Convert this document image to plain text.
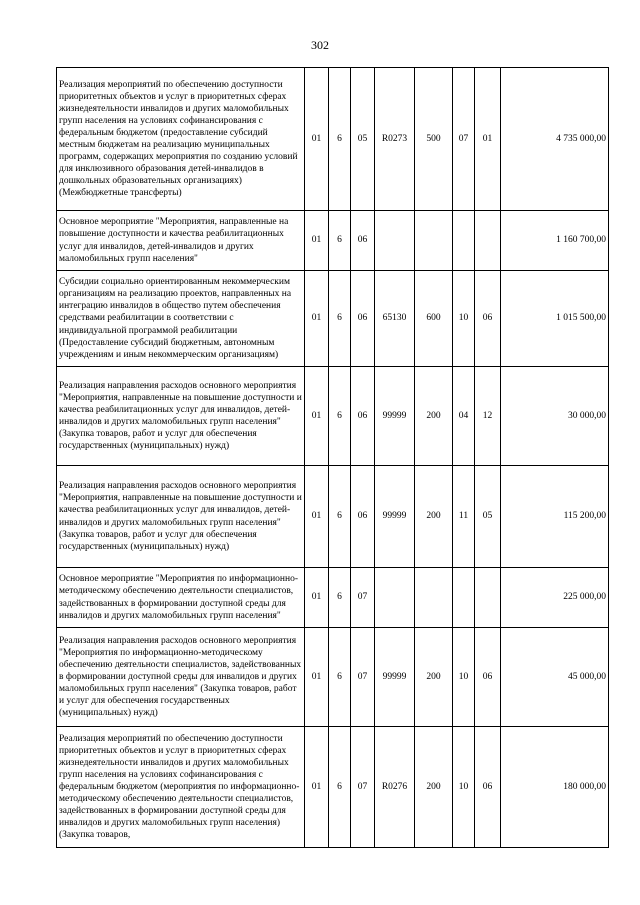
302
Реализация мероприятий по обеспечению доступности приоритетных объектов и услуг в приоритетных сферах жизнедеятельности инвалидов и других маломобильных групп населения на условиях софинансирования с федеральным бюджетом (предоставление субсидий местным бюджетам на реализацию муниципальных программ, содержащих мероприятия по созданию условий для инклюзивного образования детей-инвалидов в дошкольных образовательных организациях) (Межбюджетные трансферты)	01	6	05	R0273	500	07	01	4 735 000,00
Основное мероприятие "Мероприятия, направленные на повышение доступности и качества реабилитационных услуг для инвалидов, детей-инвалидов и других маломобильных групп населения"	01	6	06					1 160 700,00
Субсидии социально ориентированным некоммерческим организациям на реализацию проектов, направленных на интеграцию инвалидов в общество путем обеспечения средствами реабилитации в соответствии с индивидуальной программой реабилитации (Предоставление субсидий бюджетным, автономным учреждениям и иным некоммерческим организациям)	01	6	06	65130	600	10	06	1 015 500,00
Реализация направления расходов основного мероприятия "Мероприятия, направленные на повышение доступности и качества реабилитационных услуг для инвалидов, детей-инвалидов и других маломобильных групп населения" (Закупка товаров, работ и услуг для обеспечения государственных (муниципальных) нужд)	01	6	06	99999	200	04	12	30 000,00
Реализация направления расходов основного мероприятия "Мероприятия, направленные на повышение доступности и качества реабилитационных услуг для инвалидов, детей-инвалидов и других маломобильных групп населения" (Закупка товаров, работ и услуг для обеспечения государственных (муниципальных) нужд)	01	6	06	99999	200	11	05	115 200,00
Основное мероприятие "Мероприятия по информационно-методическому обеспечению деятельности специалистов, задействованных в формировании доступной среды для инвалидов и других маломобильных групп населения"	01	6	07					225 000,00
Реализация направления расходов основного мероприятия "Мероприятия по информационно-методическому обеспечению деятельности специалистов, задействованных в формировании доступной среды для инвалидов и других маломобильных групп населения" (Закупка товаров, работ и услуг для обеспечения государственных (муниципальных) нужд)	01	6	07	99999	200	10	06	45 000,00
Реализация мероприятий по обеспечению доступности приоритетных объектов и услуг в приоритетных сферах жизнедеятельности инвалидов и других маломобильных групп населения на условиях софинансирования с федеральным бюджетом (мероприятия по информационно-методическому обеспечению деятельности специалистов, задействованных в формировании доступной среды для инвалидов и других маломобильных групп населения) (Закупка товаров,	01	6	07	R0276	200	10	06	180 000,00
